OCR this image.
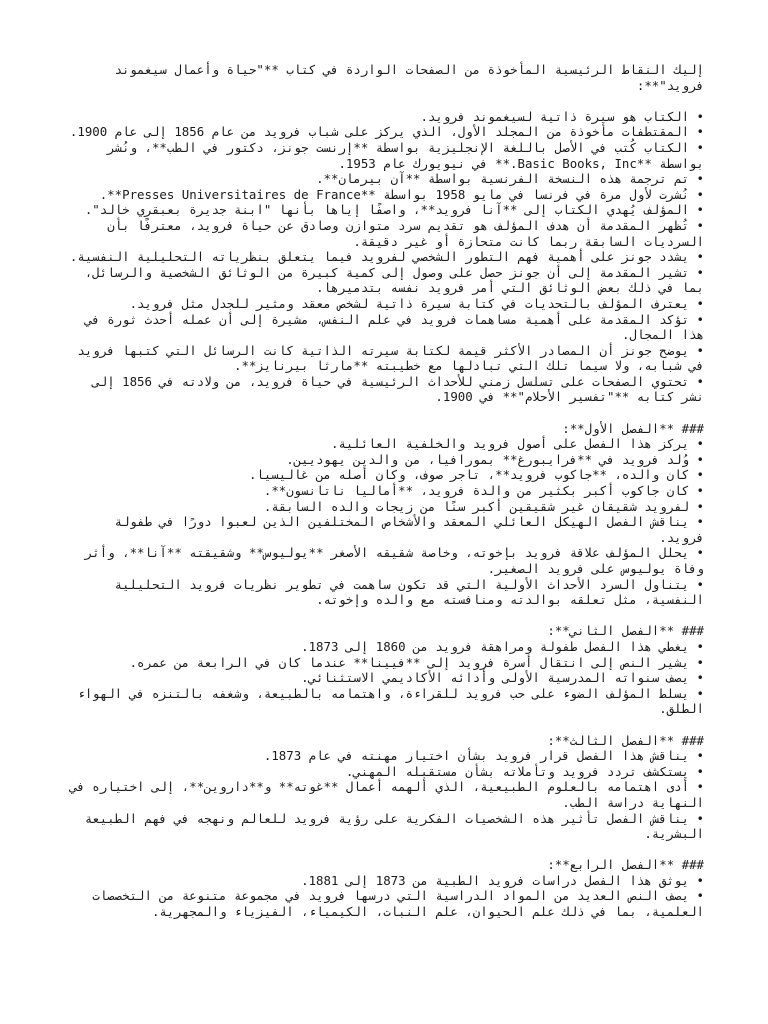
إليك النقاط الرئيسية المأخوذة من الصفحات الواردة في كتاب **"حياة وأعمال سيغموند فرويد"**:
• الكتاب هو سيرة ذاتية لسيغموند فرويد.
• المقتطفات مأخوذة من المجلد الأول، الذي يركز على شباب فرويد من عام 1856 إلى عام 1900.
• الكتاب كُتب في الأصل باللغة الإنجليزية بواسطة **إرنست جونز، دكتور في الطب**، ونُشر بواسطة **Basic Books, Inc.** في نيويورك عام 1953.
• تم ترجمة هذه النسخة الفرنسية بواسطة **آن بيرمان**.
• نُشرت لأول مرة في فرنسا في مايو 1958 بواسطة **Presses Universitaires de France**.
• المؤلف يُهدي الكتاب إلى **آنا فرويد**، واصفًا إياها بأنها "ابنة جديرة بعبقري خالد".
• تُظهر المقدمة أن هدف المؤلف هو تقديم سرد متوازن وصادق عن حياة فرويد، معترفًا بأن السرديات السابقة ربما كانت متحازة أو غير دقيقة.
• يشدد جونز على أهمية فهم التطور الشخصي لفرويد فيما يتعلق بنظرياته التحليلية النفسية.
• تشير المقدمة إلى أن جونز حصل على وصول إلى كمية كبيرة من الوثائق الشخصية والرسائل، بما في ذلك بعض الوثائق التي أمر فرويد نفسه بتدميرها.
• يعترف المؤلف بالتحديات في كتابة سيرة ذاتية لشخص معقد ومثير للجدل مثل فرويد.
• تؤكد المقدمة على أهمية مساهمات فرويد في علم النفس، مشيرة إلى أن عمله أحدث ثورة في هذا المجال.
• يوضح جونز أن المصادر الأكثر قيمة لكتابة سيرته الذاتية كانت الرسائل التي كتبها فرويد في شبابه، ولا سيما تلك التي تبادلها مع خطيبته **مارثا بيرنايز**.
• تحتوي الصفحات على تسلسل زمني للأحداث الرئيسية في حياة فرويد، من ولادته في 1856 إلى نشر كتابه **"تفسير الأحلام"** في 1900.
### **الفصل الأول**:
• يركز هذا الفصل على أصول فرويد والخلفية العائلية.
• وُلد فرويد في **فرايبورغ** بمورافيا، من والدين يهوديين.
• كان والده، **جاكوب فرويد**، تاجر صوف، وكان أصله من غاليسيا.
• كان جاكوب أكبر بكثير من والدة فرويد، **أماليا ناتانسون**.
• لفرويد شقيقان غير شقيقين أكبر سنًا من زيجات والده السابقة.
• يناقش الفصل الهيكل العائلي المعقد والأشخاص المختلفين الذين لعبوا دورًا في طفولة فرويد.
• يحلل المؤلف علاقة فرويد بإخوته، وخاصة شقيقه الأصغر **يوليوس** وشقيقته **آنا**، وأثر وفاة يوليوس على فرويد الصغير.
• يتناول السرد الأحداث الأولية التي قد تكون ساهمت في تطوير نظريات فرويد التحليلية النفسية، مثل تعلقه بوالدته ومنافسته مع والده وإخوته.
### **الفصل الثاني**:
• يغطي هذا الفصل طفولة ومراهقة فرويد من 1860 إلى 1873.
• يشير النص إلى انتقال أسرة فرويد إلى **فيينا** عندما كان في الرابعة من عمره.
• يصف سنواته المدرسية الأولى وأدائه الأكاديمي الاستثنائي.
• يسلط المؤلف الضوء على حب فرويد للقراءة، واهتمامه بالطبيعة، وشغفه بالتنزه في الهواء الطلق.
### **الفصل الثالث**:
• يناقش هذا الفصل قرار فرويد بشأن اختيار مهنته في عام 1873.
• يستكشف تردد فرويد وتأملاته بشأن مستقبله المهني.
• أدى اهتمامه بالعلوم الطبيعية، الذي ألهمه أعمال **غوته** و**داروين**، إلى اختياره في النهاية دراسة الطب.
• يناقش الفصل تأثير هذه الشخصيات الفكرية على رؤية فرويد للعالم ونهجه في فهم الطبيعة البشرية.
### **الفصل الرابع**:
• يوثق هذا الفصل دراسات فرويد الطبية من 1873 إلى 1881.
• يصف النص العديد من المواد الدراسية التي درسها فرويد في مجموعة متنوعة من التخصصات العلمية، بما في ذلك علم الحيوان، علم النبات، الكيمياء، الفيزياء والمجهرية.
